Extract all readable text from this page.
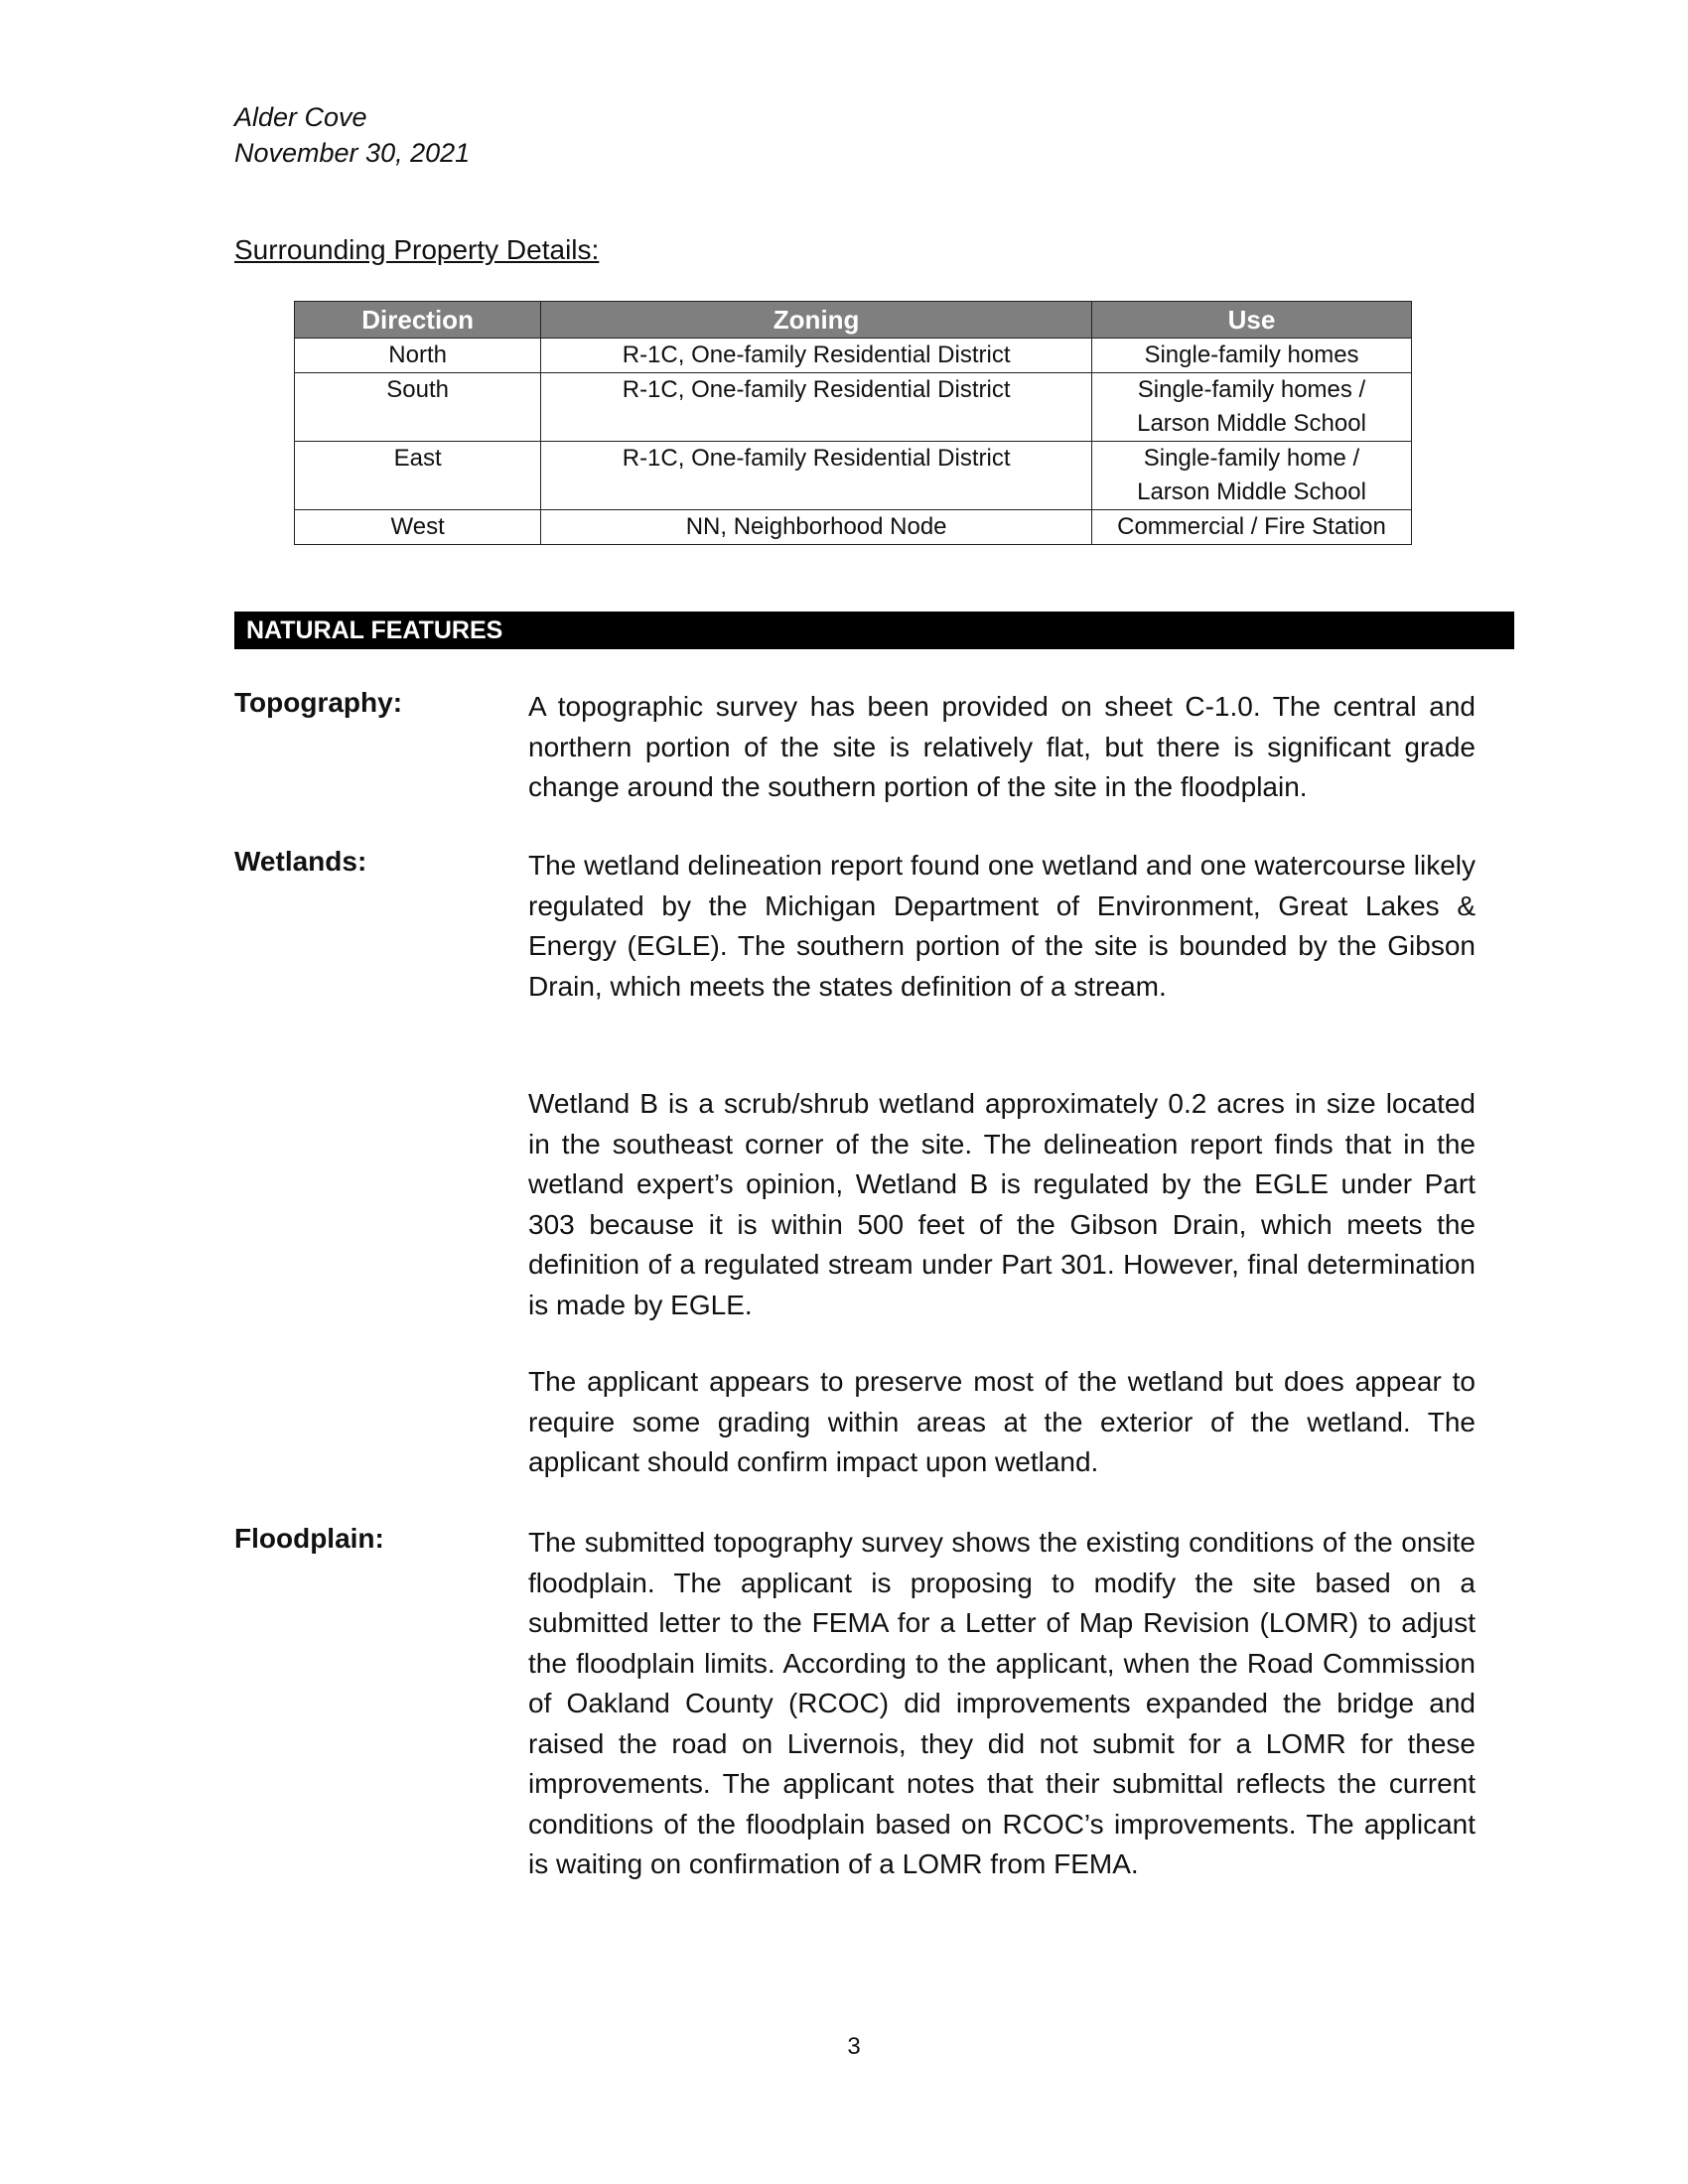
Alder Cove
November 30, 2021
Surrounding Property Details:
Direction	Zoning	Use
North	R-1C, One-family Residential District	Single-family homes

South	R-1C, One-family Residential District	Single-family homes /
Larson Middle School

East	R-1C, One-family Residential District	Single-family home /
Larson Middle School

West	NN, Neighborhood Node	Commercial / Fire Station
NATURAL FEATURES
Topography:	A topographic survey has been provided on sheet C-1.0. The central and northern portion of the site is relatively flat, but there is significant grade change around the southern portion of the site in the floodplain.
Wetlands:	The wetland delineation report found one wetland and one watercourse likely regulated by the Michigan Department of Environment, Great Lakes & Energy (EGLE). The southern portion of the site is bounded by the Gibson Drain, which meets the states definition of a stream.
Wetland B is a scrub/shrub wetland approximately 0.2 acres in size located in the southeast corner of the site. The delineation report finds that in the wetland expert’s opinion, Wetland B is regulated by the EGLE under Part 303 because it is within 500 feet of the Gibson Drain, which meets the definition of a regulated stream under Part 301. However, final determination is made by EGLE.
The applicant appears to preserve most of the wetland but does appear to require some grading within areas at the exterior of the wetland. The applicant should confirm impact upon wetland.
Floodplain:	The submitted topography survey shows the existing conditions of the onsite floodplain. The applicant is proposing to modify the site based on a submitted letter to the FEMA for a Letter of Map Revision (LOMR) to adjust the floodplain limits. According to the applicant, when the Road Commission of Oakland County (RCOC) did improvements expanded the bridge and raised the road on Livernois, they did not submit for a LOMR for these improvements. The applicant notes that their submittal reflects the current conditions of the floodplain based on RCOC’s improvements. The applicant is waiting on confirmation of a LOMR from FEMA.
3
